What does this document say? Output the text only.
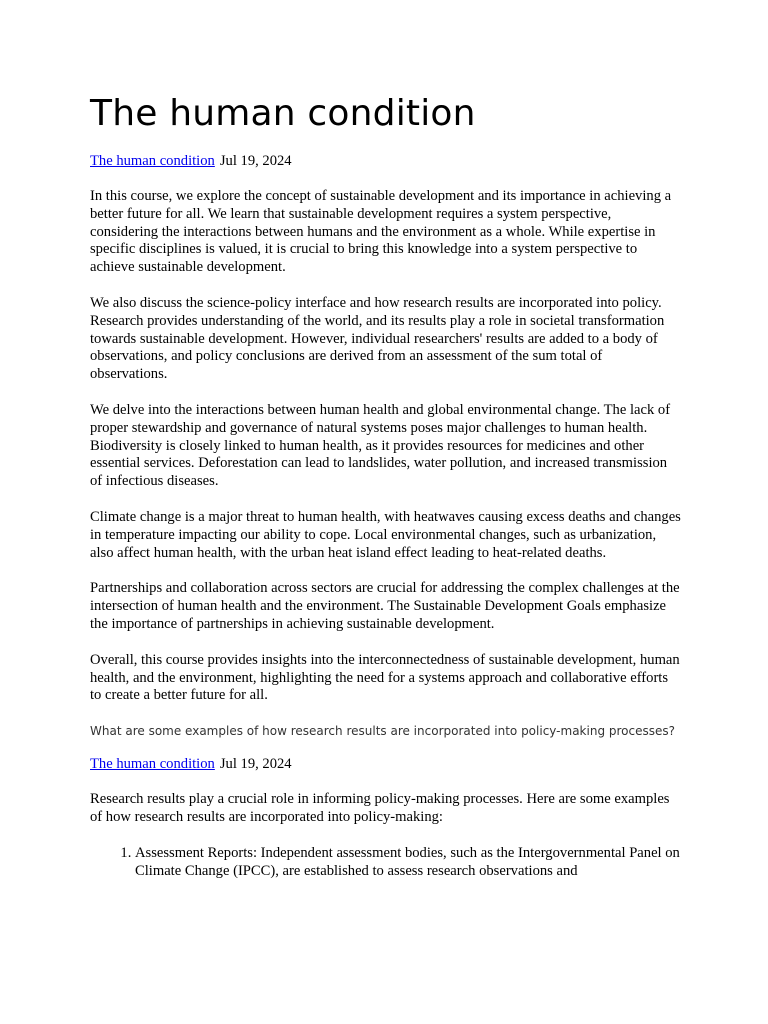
The human condition
The human condition Jul 19, 2024

In this course, we explore the concept of sustainable development and its importance in achieving a better future for all. We learn that sustainable development requires a system perspective, considering the interactions between humans and the environment as a whole. While expertise in specific disciplines is valued, it is crucial to bring this knowledge into a system perspective to achieve sustainable development.

We also discuss the science-policy interface and how research results are incorporated into policy. Research provides understanding of the world, and its results play a role in societal transformation towards sustainable development. However, individual researchers' results are added to a body of observations, and policy conclusions are derived from an assessment of the sum total of observations.

We delve into the interactions between human health and global environmental change. The lack of proper stewardship and governance of natural systems poses major challenges to human health. Biodiversity is closely linked to human health, as it provides resources for medicines and other essential services. Deforestation can lead to landslides, water pollution, and increased transmission of infectious diseases.

Climate change is a major threat to human health, with heatwaves causing excess deaths and changes in temperature impacting our ability to cope. Local environmental changes, such as urbanization, also affect human health, with the urban heat island effect leading to heat-related deaths.

Partnerships and collaboration across sectors are crucial for addressing the complex challenges at the intersection of human health and the environment. The Sustainable Development Goals emphasize the importance of partnerships in achieving sustainable development.

Overall, this course provides insights into the interconnectedness of sustainable development, human health, and the environment, highlighting the need for a systems approach and collaborative efforts to create a better future for all.

What are some examples of how research results are incorporated into policy-making processes?
The human condition Jul 19, 2024

Research results play a crucial role in informing policy-making processes. Here are some examples of how research results are incorporated into policy-making:

1. Assessment Reports: Independent assessment bodies, such as the Intergovernmental Panel on Climate Change (IPCC), are established to assess research observations and
